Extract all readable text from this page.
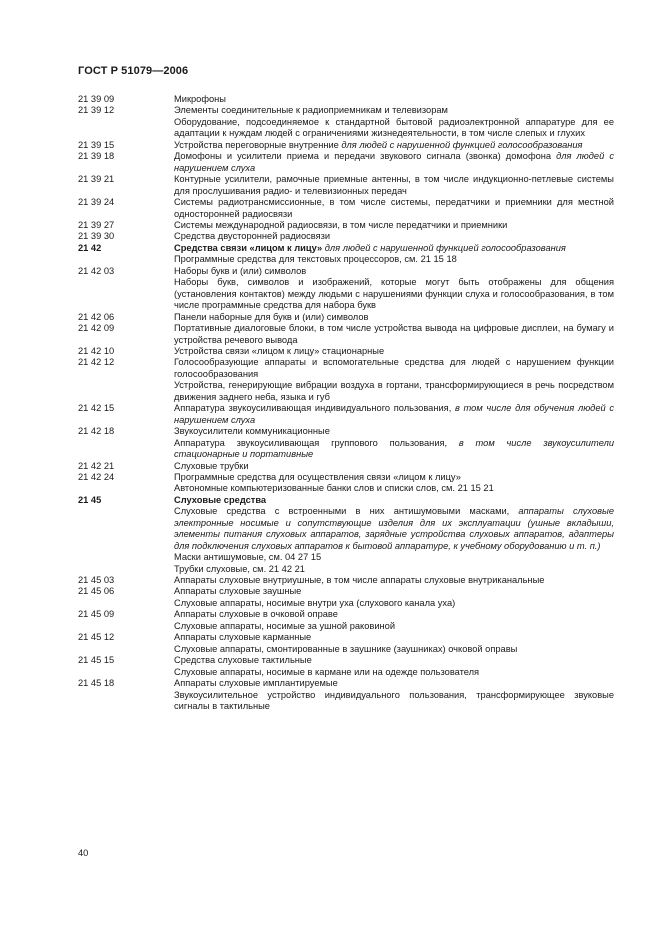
ГОСТ Р 51079—2006
21 39 09	Микрофоны
21 39 12	Элементы соединительные к радиоприемникам и телевизорам
Оборудование, подсоединяемое к стандартной бытовой радиоэлектронной аппаратуре для ее адаптации к нуждам людей с ограничениями жизнедеятельности, в том числе слепых и глухих
21 39 15	Устройства переговорные внутренние для людей с нарушенной функцией голосообразования
21 39 18	Домофоны и усилители приема и передачи звукового сигнала (звонка) домофона для людей с нарушением слуха
21 39 21	Контурные усилители, рамочные приемные антенны, в том числе индукционно-петлевые системы для прослушивания радио- и телевизионных передач
21 39 24	Системы радиотрансмиссионные, в том числе системы, передатчики и приемники для местной односторонней радиосвязи
21 39 27	Системы международной радиосвязи, в том числе передатчики и приемники
21 39 30	Средства двусторонней радиосвязи
21 42	Средства связи «лицом к лицу» для людей с нарушенной функцией голосообразования
Программные средства для текстовых процессоров, см. 21 15 18
21 42 03	Наборы букв и (или) символов
Наборы букв, символов и изображений, которые могут быть отображены для общения (установления контактов) между людьми с нарушениями функции слуха и голосообразования, в том числе программные средства для набора букв
21 42 06	Панели наборные для букв и (или) символов
21 42 09	Портативные диалоговые блоки, в том числе устройства вывода на цифровые дисплеи, на бумагу и устройства речевого вывода
21 42 10	Устройства связи «лицом к лицу» стационарные
21 42 12	Голосообразующие аппараты и вспомогательные средства для людей с нарушением функции голосообразования
Устройства, генерирующие вибрации воздуха в гортани, трансформирующиеся в речь посредством движения заднего неба, языка и губ
21 42 15	Аппаратура звукоусиливающая индивидуального пользования, в том числе для обучения людей с нарушением слуха
21 42 18	Звукоусилители коммуникационные
Аппаратура звукоусиливающая группового пользования, в том числе звукоусилители стационарные и портативные
21 42 21	Слуховые трубки
21 42 24	Программные средства для осуществления связи «лицом к лицу»
Автономные компьютеризованные банки слов и списки слов, см. 21 15 21
21 45	Слуховые средства
Слуховые средства с встроенными в них антишумовыми масками, аппараты слуховые электронные носимые и сопутствующие изделия для их эксплуатации (ушные вкладыши, элементы питания слуховых аппаратов, зарядные устройства слуховых аппаратов, адаптеры для подключения слуховых аппаратов к бытовой аппаратуре, к учебному оборудованию и т. п.)
Маски антишумовые, см. 04 27 15
Трубки слуховые, см. 21 42 21
21 45 03	Аппараты слуховые внутриушные, в том числе аппараты слуховые внутриканальные
21 45 06	Аппараты слуховые заушные
Слуховые аппараты, носимые внутри уха (слухового канала уха)
21 45 09	Аппараты слуховые в очковой оправе
Слуховые аппараты, носимые за ушной раковиной
21 45 12	Аппараты слуховые карманные
Слуховые аппараты, смонтированные в заушнике (заушниках) очковой оправы
21 45 15	Средства слуховые тактильные
Слуховые аппараты, носимые в кармане или на одежде пользователя
21 45 18	Аппараты слуховые имплантируемые
Звукоусилительное устройство индивидуального пользования, трансформирующее звуковые сигналы в тактильные
40
